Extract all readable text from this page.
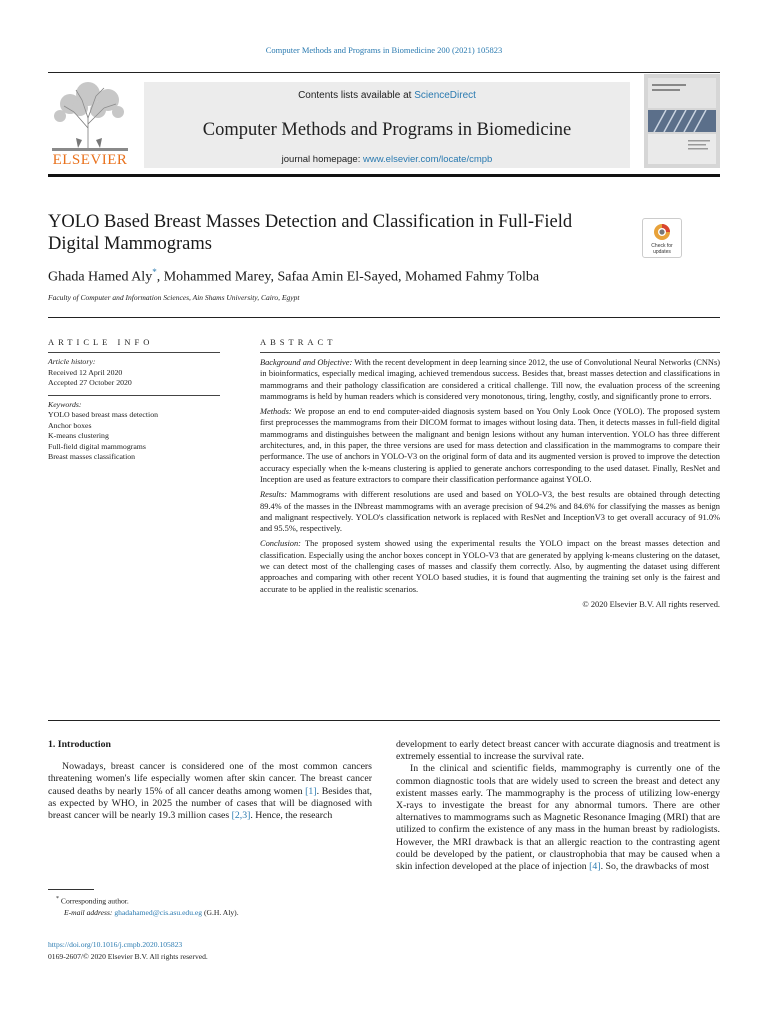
Computer Methods and Programs in Biomedicine 200 (2021) 105823
ELSEVIER
Contents lists available at ScienceDirect
Computer Methods and Programs in Biomedicine
journal homepage: www.elsevier.com/locate/cmpb
YOLO Based Breast Masses Detection and Classification in Full-Field
Digital Mammograms	Check for
updates
Ghada Hamed Aly*, Mohammed Marey, Safaa Amin El-Sayed, Mohamed Fahmy Tolba
Faculty of Computer and Information Sciences, Ain Shams University, Cairo, Egypt
ARTICLE INFO	ABSTRACT
Article history:
Received 12 April 2020
Accepted 27 October 2020
Keywords:
YOLO based breast mass detection
Anchor boxes
K-means clustering
Full-field digital mammograms
Breast masses classification

Background and Objective: With the recent development in deep learning since 2012, the use of Convolutional Neural Networks (CNNs) in bioinformatics, especially medical imaging, achieved tremendous success. Besides that, breast masses detection and classifications in mammograms and their pathology classification are considered a critical challenge. Till now, the evaluation process of the screening mammograms is held by human readers which is considered very monotonous, tiring, lengthy, costly, and significantly prone to errors.

Methods: We propose an end to end computer-aided diagnosis system based on You Only Look Once (YOLO). The proposed system first preprocesses the mammograms from their DICOM format to images without losing data. Then, it detects masses in full-field digital mammograms and distinguishes between the malignant and benign lesions without any human intervention. YOLO has three different architectures, and, in this paper, the three versions are used for mass detection and classification in the mammograms to compare their performance. The use of anchors in YOLO-V3 on the original form of data and its augmented version is proved to improve the detection accuracy especially when the k-means clustering is applied to generate anchors corresponding to the used dataset. Finally, ResNet and Inception are used as feature extractors to compare their classification performance against YOLO.

Results: Mammograms with different resolutions are used and based on YOLO-V3, the best results are obtained through detecting 89.4% of the masses in the INbreast mammograms with an average precision of 94.2% and 84.6% for classifying the masses as benign and malignant respectively. YOLO's classification network is replaced with ResNet and InceptionV3 to get overall accuracy of 91.0% and 95.5%, respectively.

Conclusion: The proposed system showed using the experimental results the YOLO impact on the breast masses detection and classification. Especially using the anchor boxes concept in YOLO-V3 that are generated by applying k-means clustering on the dataset, we can detect most of the challenging cases of masses and classify them correctly. Also, by augmenting the dataset using different approaches and comparing with other recent YOLO based studies, it is found that augmenting the training set only is the fairest and accurate to be applied in the realistic scenarios.

© 2020 Elsevier B.V. All rights reserved.
1. Introduction

Nowadays, breast cancer is considered one of the most common cancers threatening women's life especially women after skin cancer. The breast cancer caused deaths by nearly 15% of all cancer deaths among women [1]. Besides that, as expected by WHO, in 2025 the number of cases that will be diagnosed with breast cancer will be nearly 19.3 million cases [2,3]. Hence, the research

development to early detect breast cancer with accurate diagnosis and treatment is extremely essential to increase the survival rate.

In the clinical and scientific fields, mammography is currently one of the common diagnostic tools that are widely used to screen the breast and detect any existent masses early. The mammography is the process of utilizing low-energy X-rays to investigate the breast for any abnormal tumors. There are other alternatives to mammograms such as Magnetic Resonance Imaging (MRI) that are utilized to confirm the existence of any mass in the human breast by radiologists. However, the MRI drawback is that an allergic reaction to the contrasting agent could be developed by the patient, or claustrophobia that may be caused when a skin infection developed at the place of injection [4]. So, the drawbacks of most

* Corresponding author.
E-mail address: ghadahamed@cis.asu.edu.eg (G.H. Aly).
https://doi.org/10.1016/j.cmpb.2020.105823
0169-2607/© 2020 Elsevier B.V. All rights reserved.
